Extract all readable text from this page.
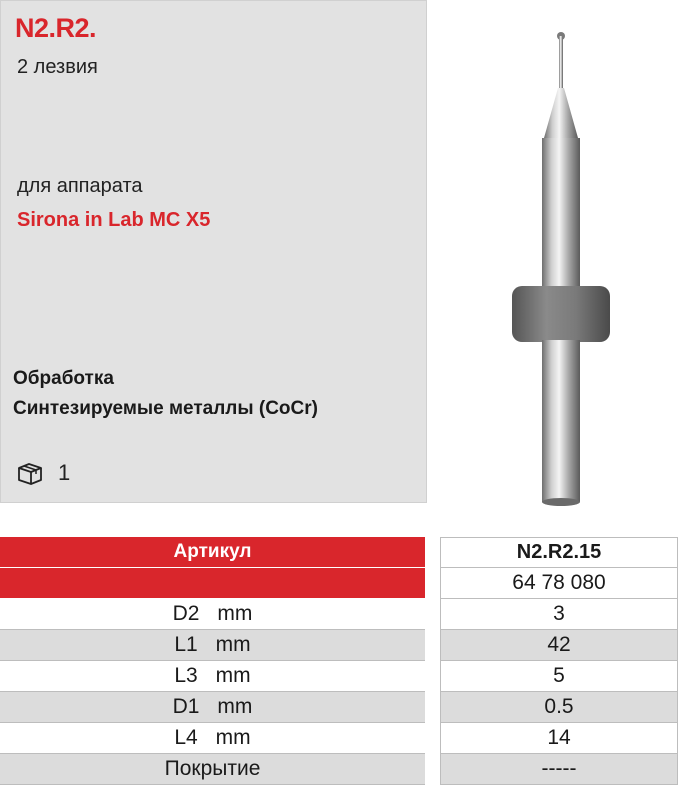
N2.R2.
2 лезвия
для аппарата
Sirona in Lab MC X5
Обработка
Синтезируемые металлы (CoCr)
1
Артикул
D2 mm
L1 mm
L3 mm
D1 mm
L4 mm
Покрытие
N2.R2.15
64 78 080
3
42
5
0.5
14
-----
